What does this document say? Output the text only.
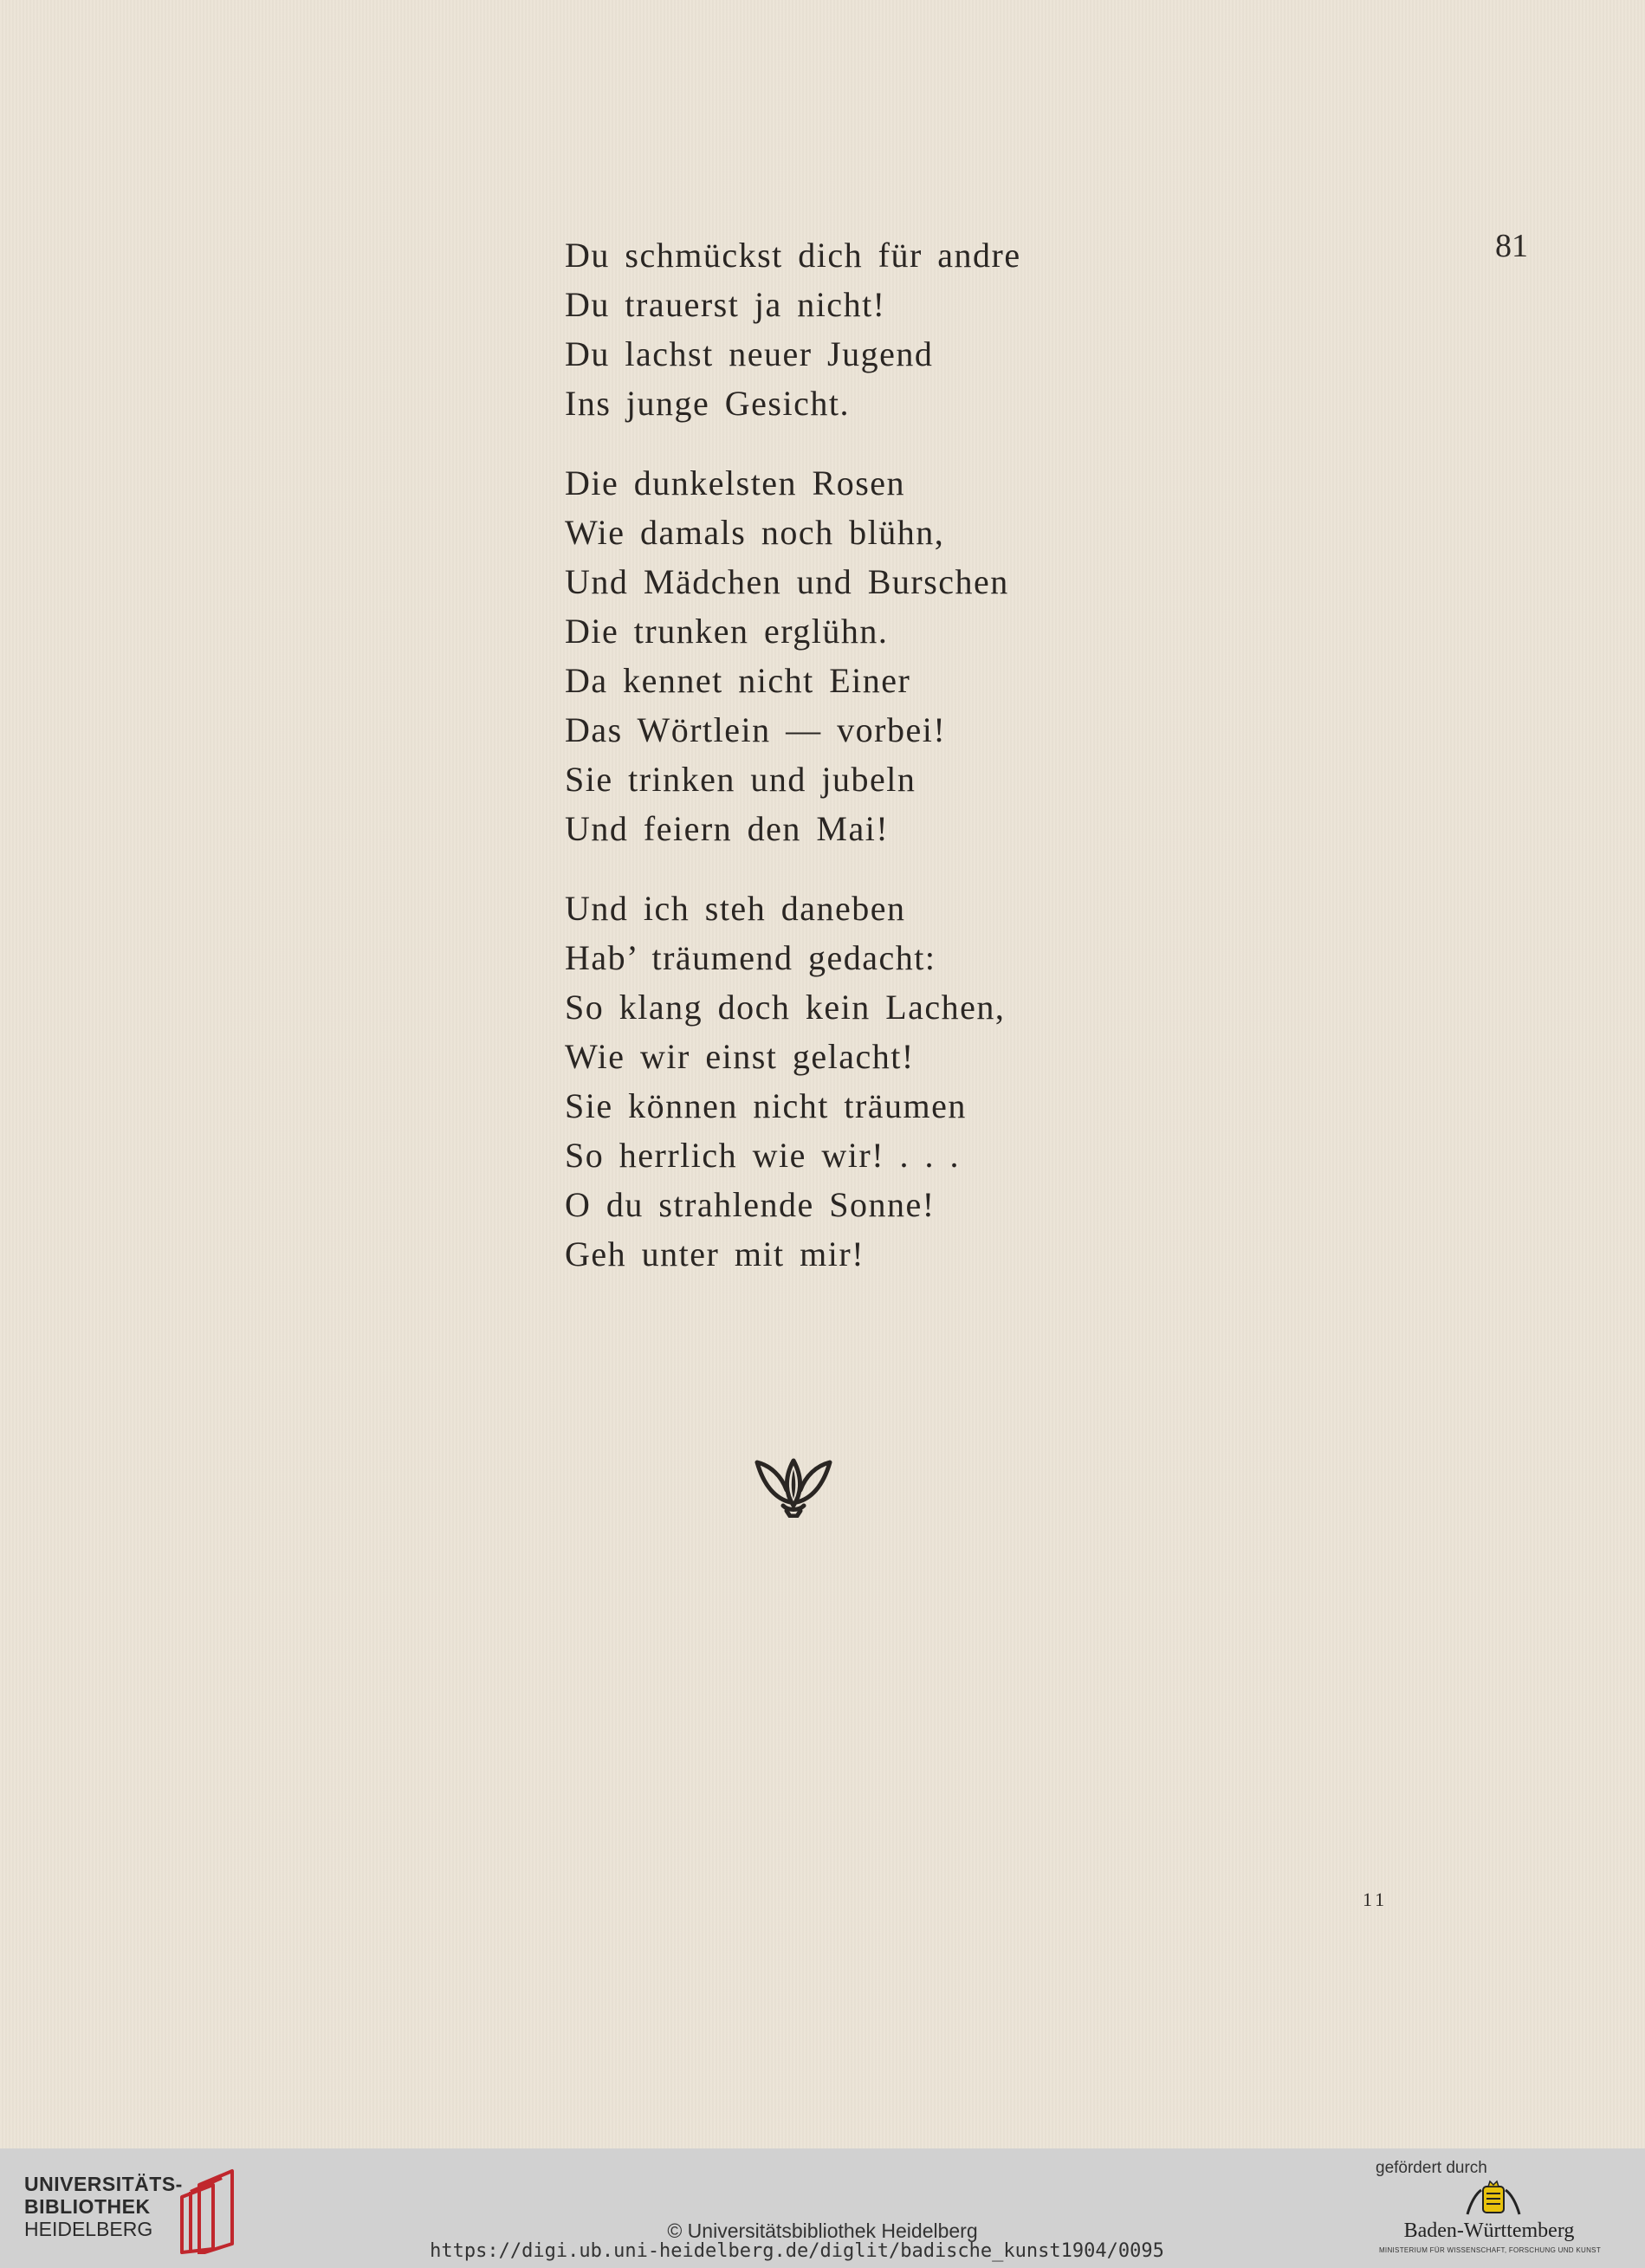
81
Du schmückst dich für andre
Du trauerst ja nicht!
Du lachst neuer Jugend
Ins junge Gesicht.
Die dunkelsten Rosen
Wie damals noch blühn,
Und Mädchen und Burschen
Die trunken erglühn.
Da kennet nicht Einer
Das Wörtlein — vorbei!
Sie trinken und jubeln
Und feiern den Mai!
Und ich steh daneben
Hab’ träumend gedacht:
So klang doch kein Lachen,
Wie wir einst gelacht!
Sie können nicht träumen
So herrlich wie wir! . . .
O du strahlende Sonne!
Geh unter mit mir!
11
UNIVERSITÄTS-
BIBLIOTHEK
HEIDELBERG	© Universitätsbibliothek Heidelberg
https://digi.ub.uni-heidelberg.de/diglit/badische_kunst1904/0095
gefördert durch
Baden-Württemberg
MINISTERIUM FÜR WISSENSCHAFT, FORSCHUNG UND KUNST
